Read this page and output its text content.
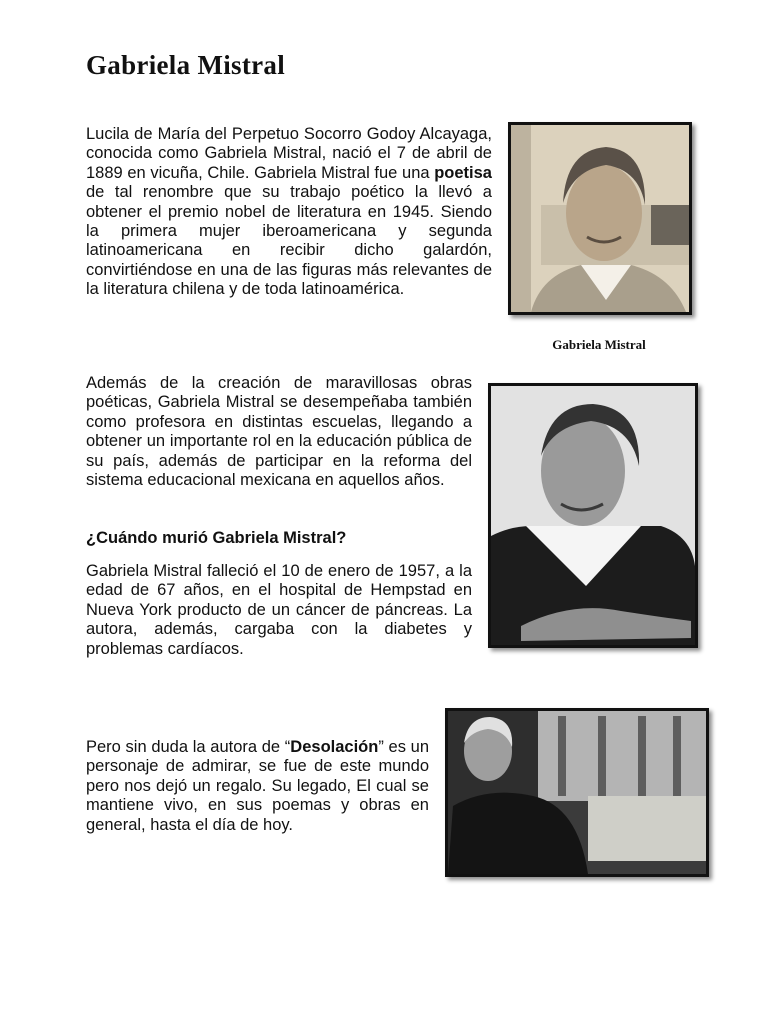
Gabriela Mistral

Lucila de María del Perpetuo Socorro Godoy Alcayaga, conocida como Gabriela Mistral, nació el 7 de abril de 1889 en vicuña, Chile. Gabriela Mistral fue una poetisa de tal renombre que su trabajo poético la llevó a obtener el premio nobel de literatura en 1945. Siendo la primera mujer iberoamericana y segunda latinoamericana en recibir dicho galardón, convirtiéndose en una de las figuras más relevantes de la literatura chilena y de toda latinoamérica.

Gabriela Mistral

Además de la creación de maravillosas obras poéticas, Gabriela Mistral se desempeñaba también como profesora en distintas escuelas, llegando a obtener un importante rol en la educación pública de su país, además de participar en la reforma del sistema educacional mexicana en aquellos años.

¿Cuándo murió Gabriela Mistral?

Gabriela Mistral falleció el 10 de enero de 1957, a la edad de 67 años, en el hospital de Hempstad en Nueva York producto de un cáncer de páncreas. La autora, además, cargaba con la diabetes y problemas cardíacos.

Pero sin duda la autora de “Desolación” es un personaje de admirar, se fue de este mundo pero nos dejó un regalo. Su legado, El cual se mantiene vivo, en sus poemas y obras en general, hasta el día de hoy.
